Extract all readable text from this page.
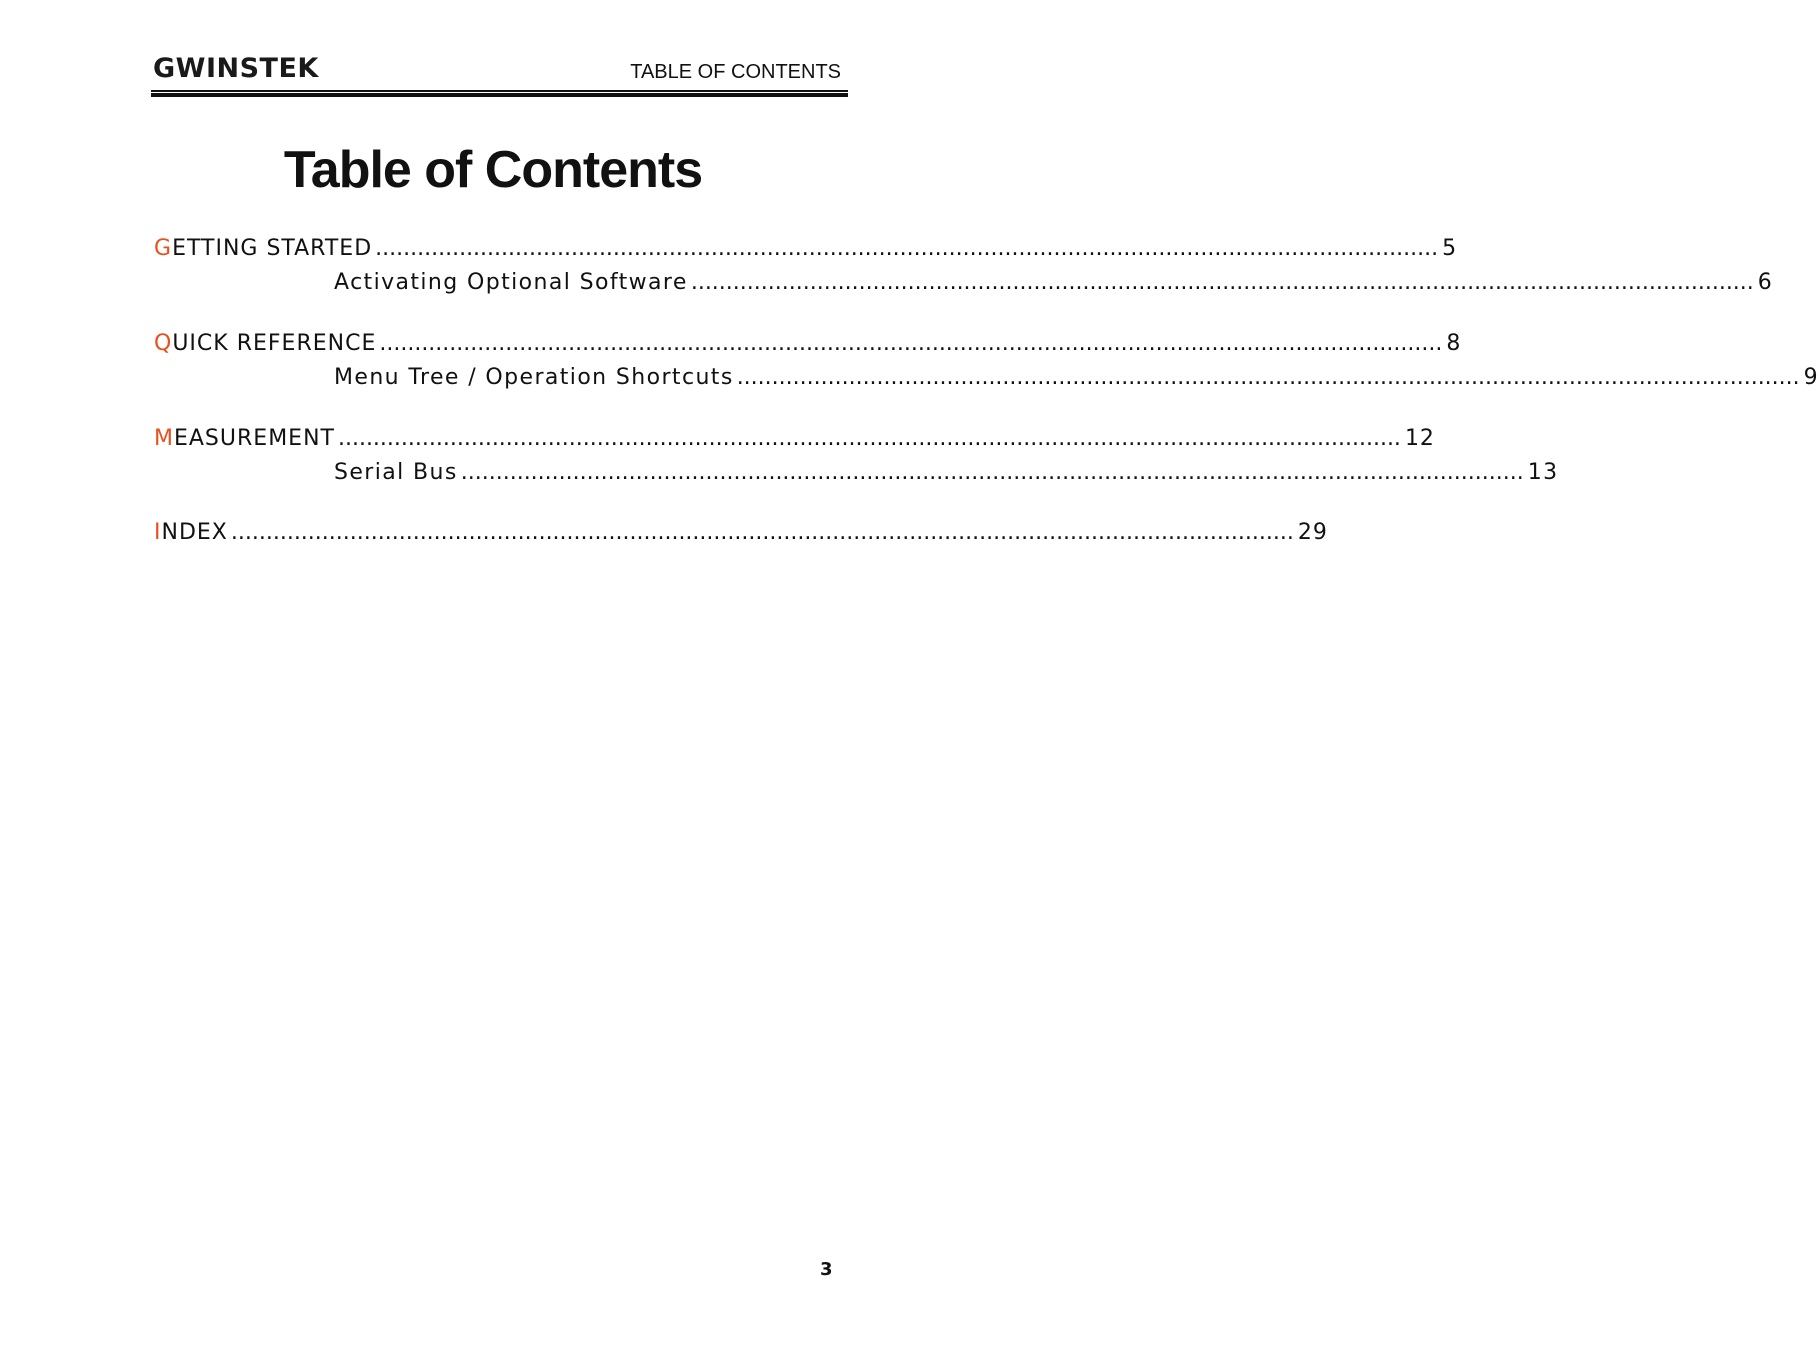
GWINSTEK	TABLE OF CONTENTS
Table of Contents
G ETTING STARTED ........................................................................................................................................................ 5
Activating Optional Software ........................................................................................................................................................ 6
Q UICK REFERENCE ........................................................................................................................................................ 8
Menu Tree / Operation Shortcuts ........................................................................................................................................................ 9
M EASUREMENT ........................................................................................................................................................ 12
Serial Bus ........................................................................................................................................................ 13
I NDEX ........................................................................................................................................................ 29
3
